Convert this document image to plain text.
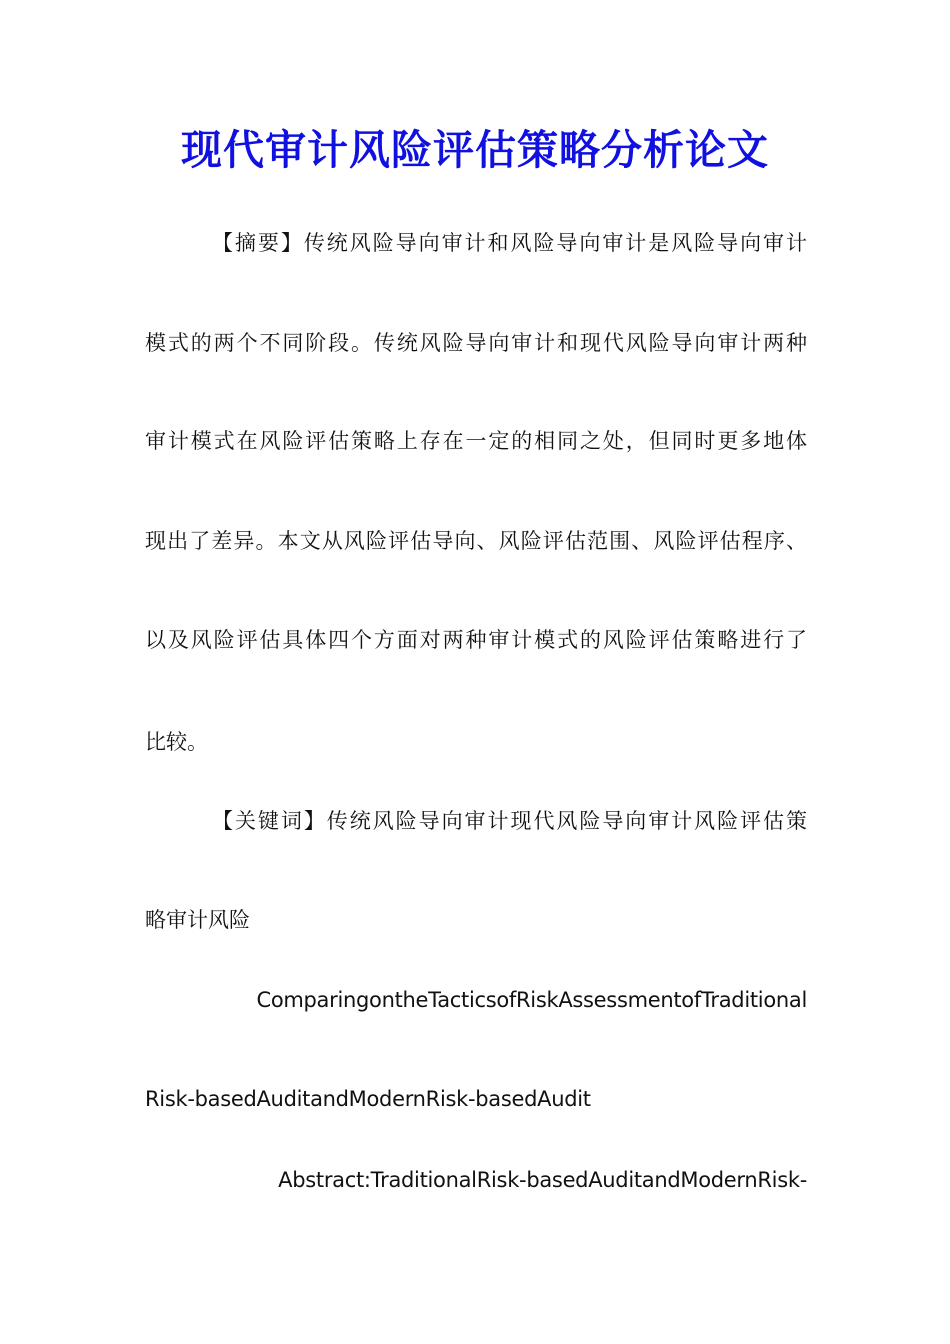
现代审计风险评估策略分析论文
【摘要】传统风险导向审计和风险导向审计是风险导向审计
模式的两个不同阶段。传统风险导向审计和现代风险导向审计两种
审计模式在风险评估策略上存在一定的相同之处，但同时更多地体
现出了差异。本文从风险评估导向、风险评估范围、风险评估程序、
以及风险评估具体四个方面对两种审计模式的风险评估策略进行了
比较。
【关键词】传统风险导向审计现代风险导向审计风险评估策
略审计风险
ComparingontheTacticsofRiskAssessmentofTraditional
Risk-basedAuditandModernRisk-basedAudit
Abstract:TraditionalRisk-basedAuditandModernRisk-
